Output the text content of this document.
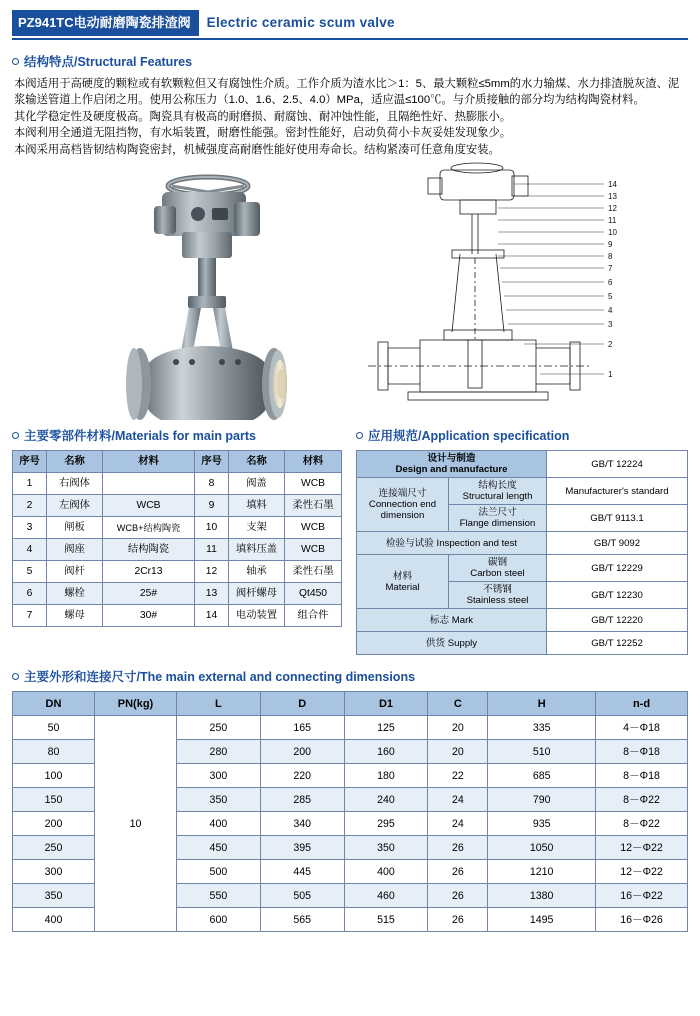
PZ941TC电动耐磨陶瓷排渣阀	Electric ceramic scum valve
结构特点/Structural Features

本阀适用于高硬度的颗粒或有软颗粒但又有腐蚀性介质。工作介质为渣水比＞1：5、最大颗粒≤5mm的水力输煤、水力排渣脱灰渣、泥浆输送管道上作启闭之用。使用公称压力（1.0、1.6、2.5、4.0）MPa，适应温≤100℃。与介质接触的部分均为结构陶瓷材料。

其化学稳定性及硬度极高。陶瓷具有极高的耐磨损、耐腐蚀、耐冲蚀性能，且隔绝性好、热膨胀小。

本阀利用全通道无阻挡物，有水垢装置，耐磨性能强。密封性能好，启动负荷小卡灰妥娃发现象少。

本阀采用高档皆韧结构陶瓷密封，机械强度高耐磨性能好使用寿命长。结构紧凑可任意角度安装。

14
13
12
11
10
9
8
7
6
5
4
3
2
1
主要零部件材料/Materials for main parts
序号	名称	材料	序号	名称	材料
1	右阀体		8	阀盖	WCB
2	左阀体	WCB	9	填料	柔性石墨
3	闸板	WCB+结构陶瓷	10	支架	WCB
4	阀座	结构陶瓷	11	填料压盖	WCB
5	阀杆	2Cr13	12	轴承	柔性石墨
6	螺栓	25#	13	阀杆螺母	Qt450
7	螺母	30#	14	电动装置	组合件
应用规范/Application specification
设计与制造
Design and manufacture		GB/T 12224

连接端尺寸
Connection end dimension	结构长度
Structural length	Manufacturer's standard

	法兰尺寸
Flange dimension	GB/T 9113.1
检验与试验 Inspection and test		GB/T 9092

材料
Material	碳钢
Carbon steel	GB/T 12229

	不锈钢
Stainless steel	GB/T 12230
标志 Mark		GB/T 12220
供货 Supply		GB/T 12252
主要外形和连接尺寸/The main external and connecting dimensions
DN	PN(kg)	L	D	D1	C	H	n-d
50	10	250	165	125	20	335	4－Φ18
80		280	200	160	20	510	8－Φ18
100		300	220	180	22	685	8－Φ18
150		350	285	240	24	790	8－Φ22
200		400	340	295	24	935	8－Φ22
250		450	395	350	26	1050	12－Φ22
300		500	445	400	26	1210	12－Φ22
350		550	505	460	26	1380	16－Φ22
400		600	565	515	26	1495	16－Φ26
